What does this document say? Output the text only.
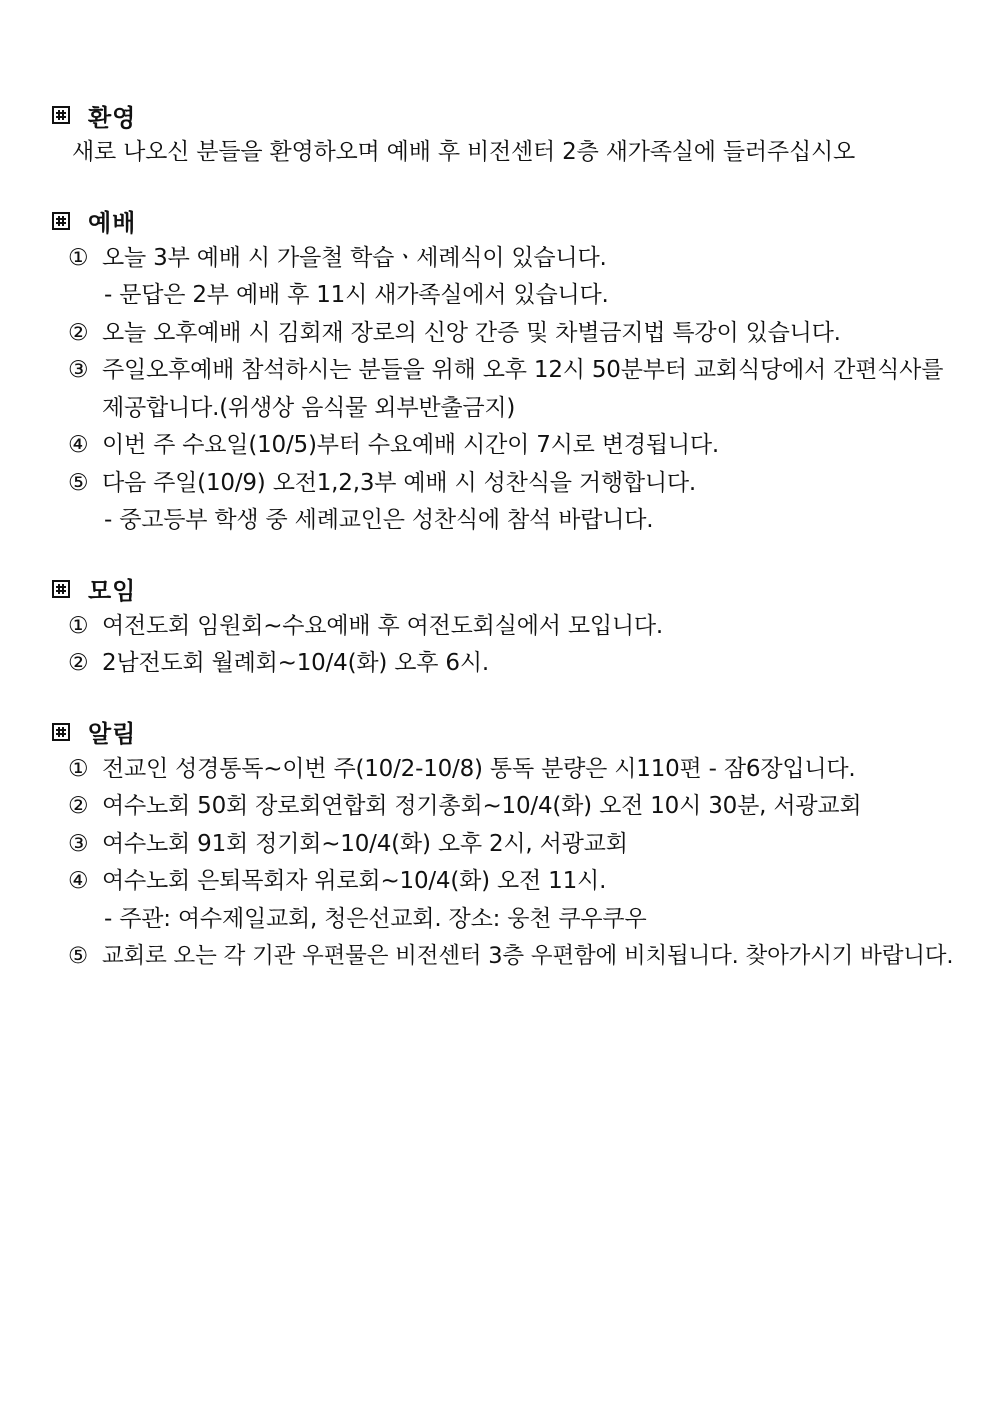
환영
새로 나오신 분들을 환영하오며 예배 후 비전센터 2층 새가족실에 들러주십시오
예배
① 오늘 3부 예배 시 가을철 학습ㆍ세례식이 있습니다.
- 문답은 2부 예배 후 11시 새가족실에서 있습니다.
② 오늘 오후예배 시 김회재 장로의 신앙 간증 및 차별금지법 특강이 있습니다.
③ 주일오후예배 참석하시는 분들을 위해 오후 12시 50분부터 교회식당에서 간편식사를
제공합니다.(위생상 음식물 외부반출금지)
④ 이번 주 수요일(10/5)부터 수요예배 시간이 7시로 변경됩니다.
⑤ 다음 주일(10/9) 오전1,2,3부 예배 시 성찬식을 거행합니다.
- 중고등부 학생 중 세례교인은 성찬식에 참석 바랍니다.
모임
① 여전도회 임원회~수요예배 후 여전도회실에서 모입니다.
② 2남전도회 월례회~10/4(화) 오후 6시.
알림
① 전교인 성경통독~이번 주(10/2-10/8) 통독 분량은 시110편 - 잠6장입니다.
② 여수노회 50회 장로회연합회 정기총회~10/4(화) 오전 10시 30분, 서광교회
③ 여수노회 91회 정기회~10/4(화) 오후 2시, 서광교회
④ 여수노회 은퇴목회자 위로회~10/4(화) 오전 11시.
- 주관: 여수제일교회, 청은선교회. 장소: 웅천 쿠우쿠우
⑤ 교회로 오는 각 기관 우편물은 비전센터 3층 우편함에 비치됩니다. 찾아가시기 바랍니다.
